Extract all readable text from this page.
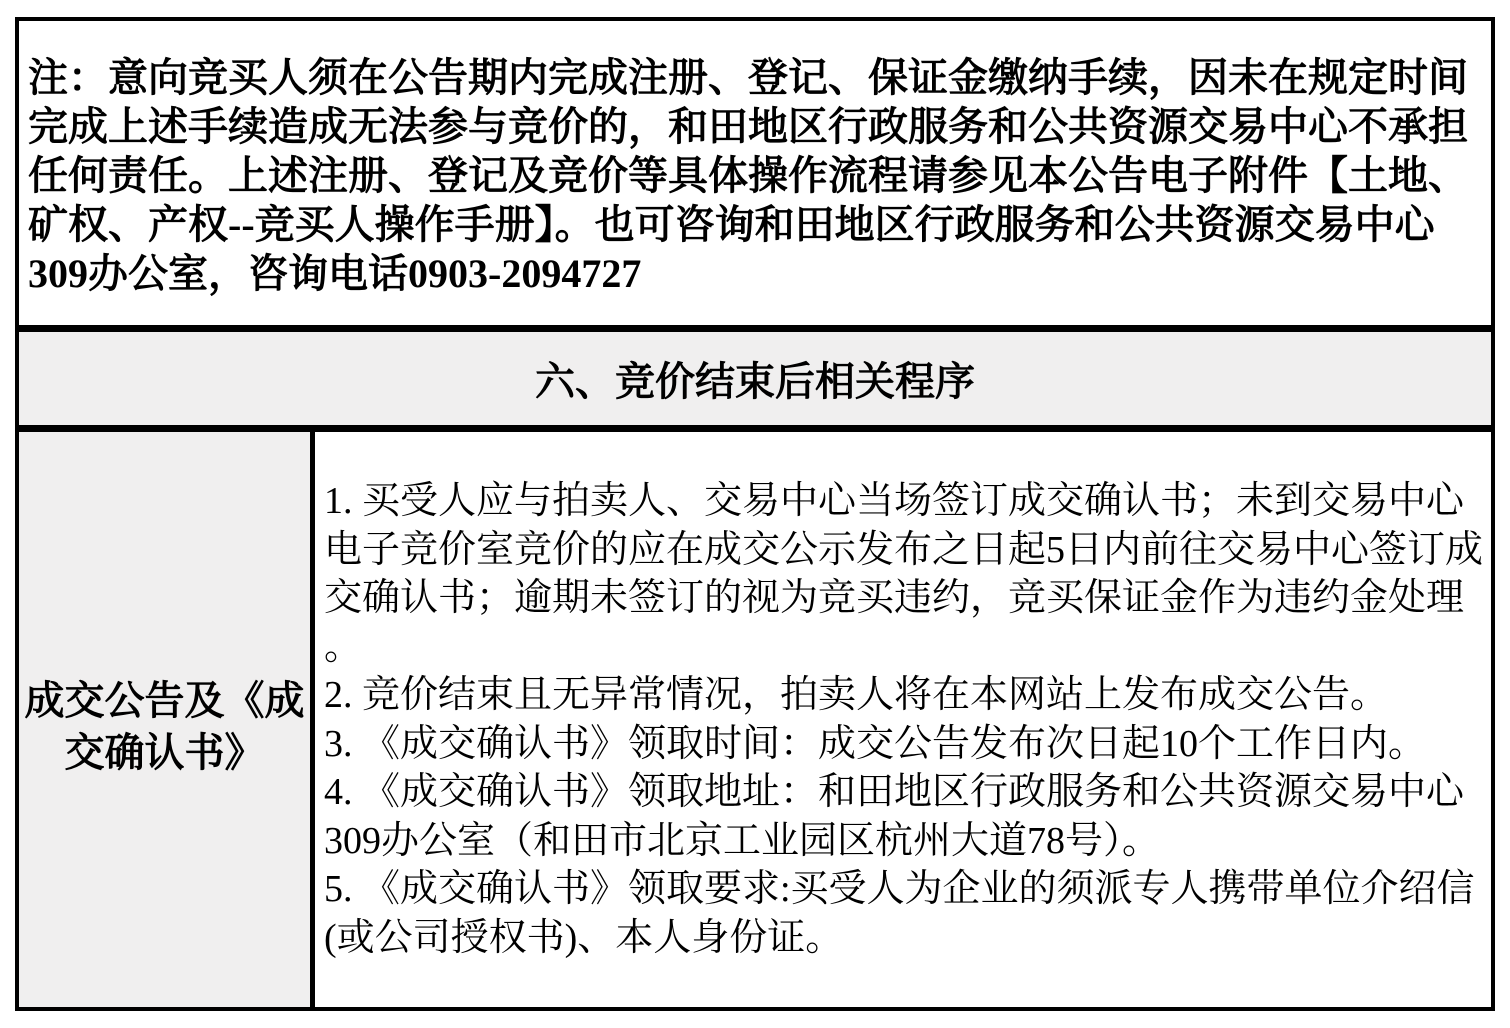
注：意向竞买人须在公告期内完成注册、登记、保证金缴纳手续，因未在规定时间

完成上述手续造成无法参与竞价的，和田地区行政服务和公共资源交易中心不承担

任何责任。上述注册、登记及竞价等具体操作流程请参见本公告电子附件【土地、

矿权、产权--竞买人操作手册】。也可咨询和田地区行政服务和公共资源交易中心

309办公室，咨询电话0903-2094727

六、竞价结束后相关程序
成交公告及《成
交确认书》

1. 买受人应与拍卖人、交易中心当场签订成交确认书；未到交易中心

电子竞价室竞价的应在成交公示发布之日起5日内前往交易中心签订成

交确认书；逾期未签订的视为竞买违约，竞买保证金作为违约金处理

。

2. 竞价结束且无异常情况，拍卖人将在本网站上发布成交公告。

3. 《成交确认书》领取时间：成交公告发布次日起10个工作日内。

4. 《成交确认书》领取地址：和田地区行政服务和公共资源交易中心

309办公室（和田市北京工业园区杭州大道78号）。

5. 《成交确认书》领取要求:买受人为企业的须派专人携带单位介绍信

(或公司授权书)、本人身份证。
